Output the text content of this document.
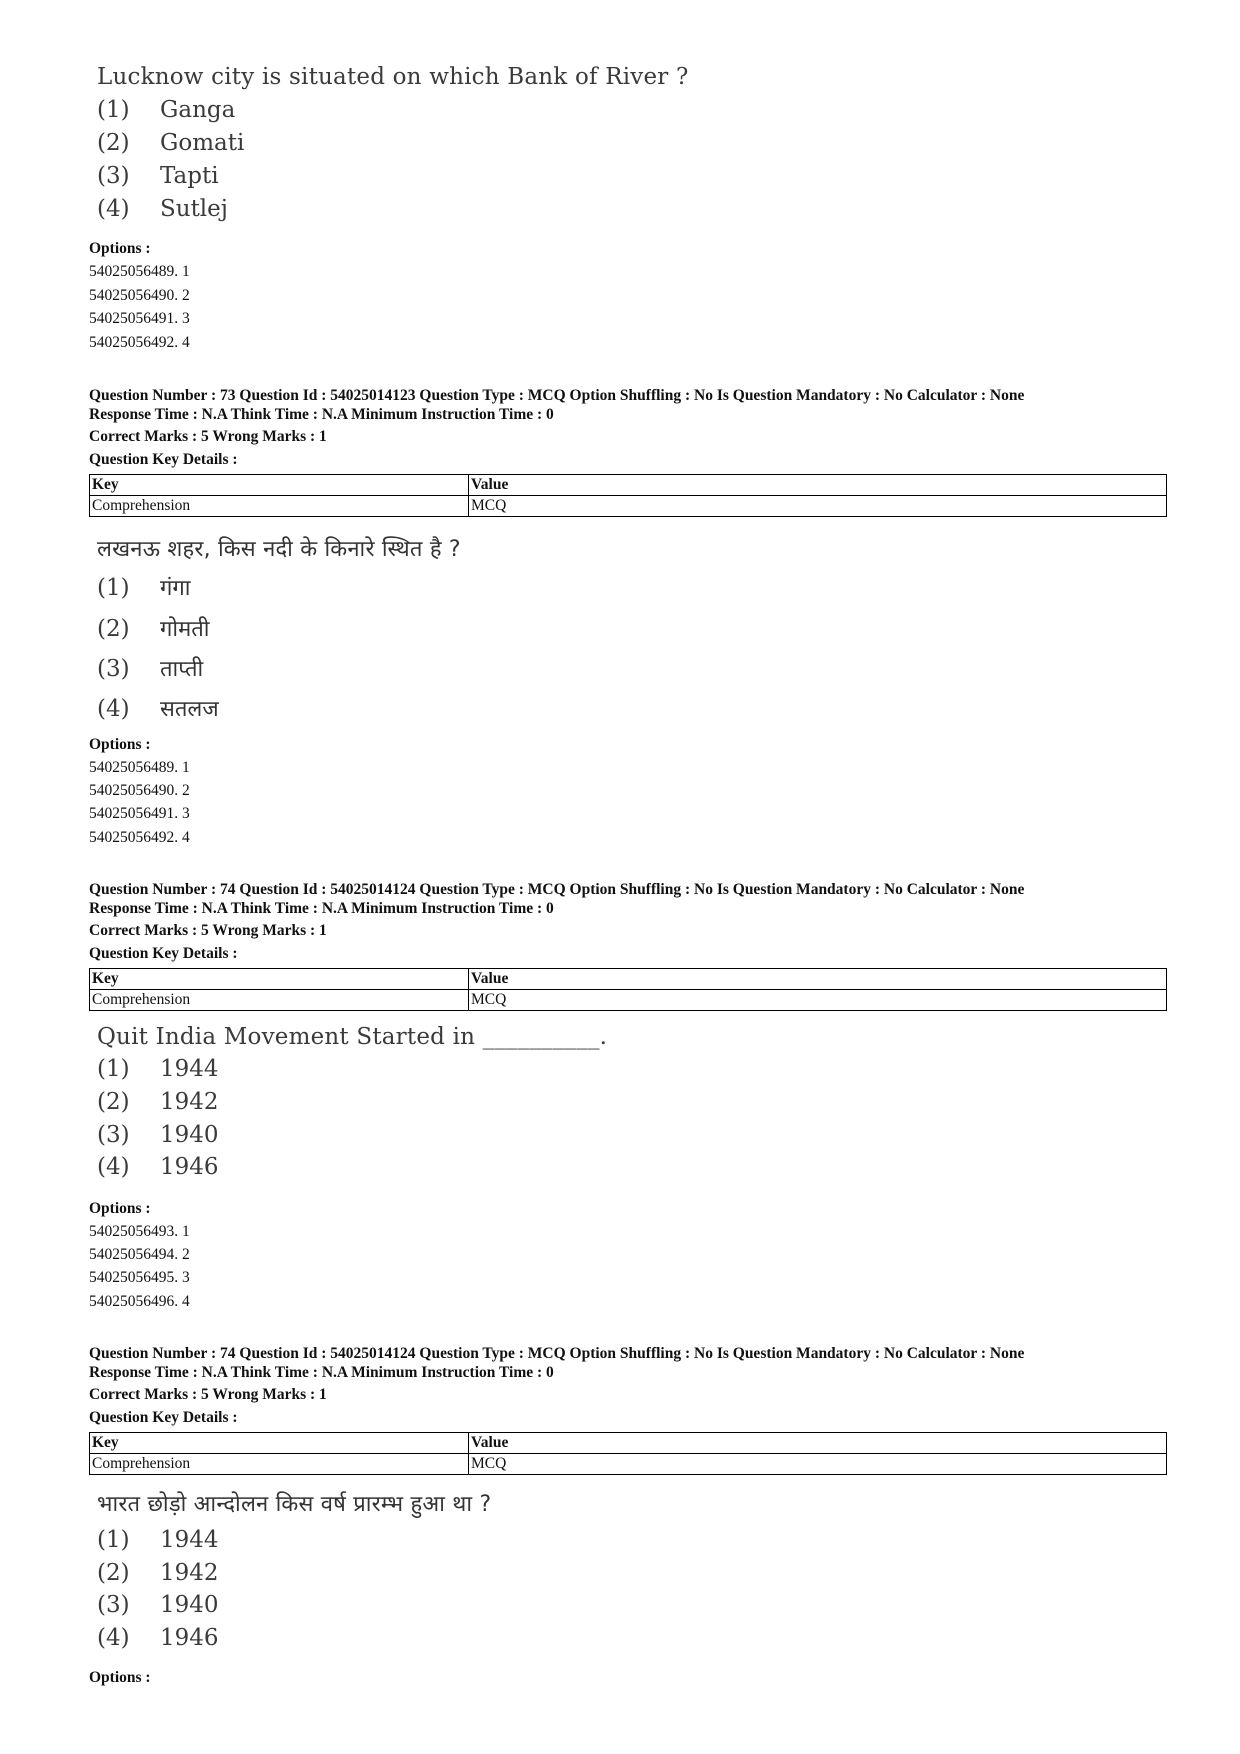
Lucknow city is situated on which Bank of River ?
(1) Ganga
(2) Gomati
(3) Tapti
(4) Sutlej
Options :
54025056489. 1
54025056490. 2
54025056491. 3
54025056492. 4
Question Number : 73 Question Id : 54025014123 Question Type : MCQ Option Shuffling : No Is Question Mandatory : No Calculator : None
Response Time : N.A Think Time : N.A Minimum Instruction Time : 0
Correct Marks : 5 Wrong Marks : 1
Question Key Details :
Key	Value
Comprehension	MCQ
लखनऊ शहर, किस नदी के किनारे स्थित है ?
(1) गंगा
(2) गोमती
(3) ताप्ती
(4) सतलज
Options :
54025056489. 1
54025056490. 2
54025056491. 3
54025056492. 4
Question Number : 74 Question Id : 54025014124 Question Type : MCQ Option Shuffling : No Is Question Mandatory : No Calculator : None
Response Time : N.A Think Time : N.A Minimum Instruction Time : 0
Correct Marks : 5 Wrong Marks : 1
Question Key Details :
Key	Value
Comprehension	MCQ
Quit India Movement Started in __________.
(1) 1944
(2) 1942
(3) 1940
(4) 1946
Options :
54025056493. 1
54025056494. 2
54025056495. 3
54025056496. 4
Question Number : 74 Question Id : 54025014124 Question Type : MCQ Option Shuffling : No Is Question Mandatory : No Calculator : None
Response Time : N.A Think Time : N.A Minimum Instruction Time : 0
Correct Marks : 5 Wrong Marks : 1
Question Key Details :
Key	Value
Comprehension	MCQ
भारत छोड़ो आन्दोलन किस वर्ष प्रारम्भ हुआ था ?
(1) 1944
(2) 1942
(3) 1940
(4) 1946
Options :
